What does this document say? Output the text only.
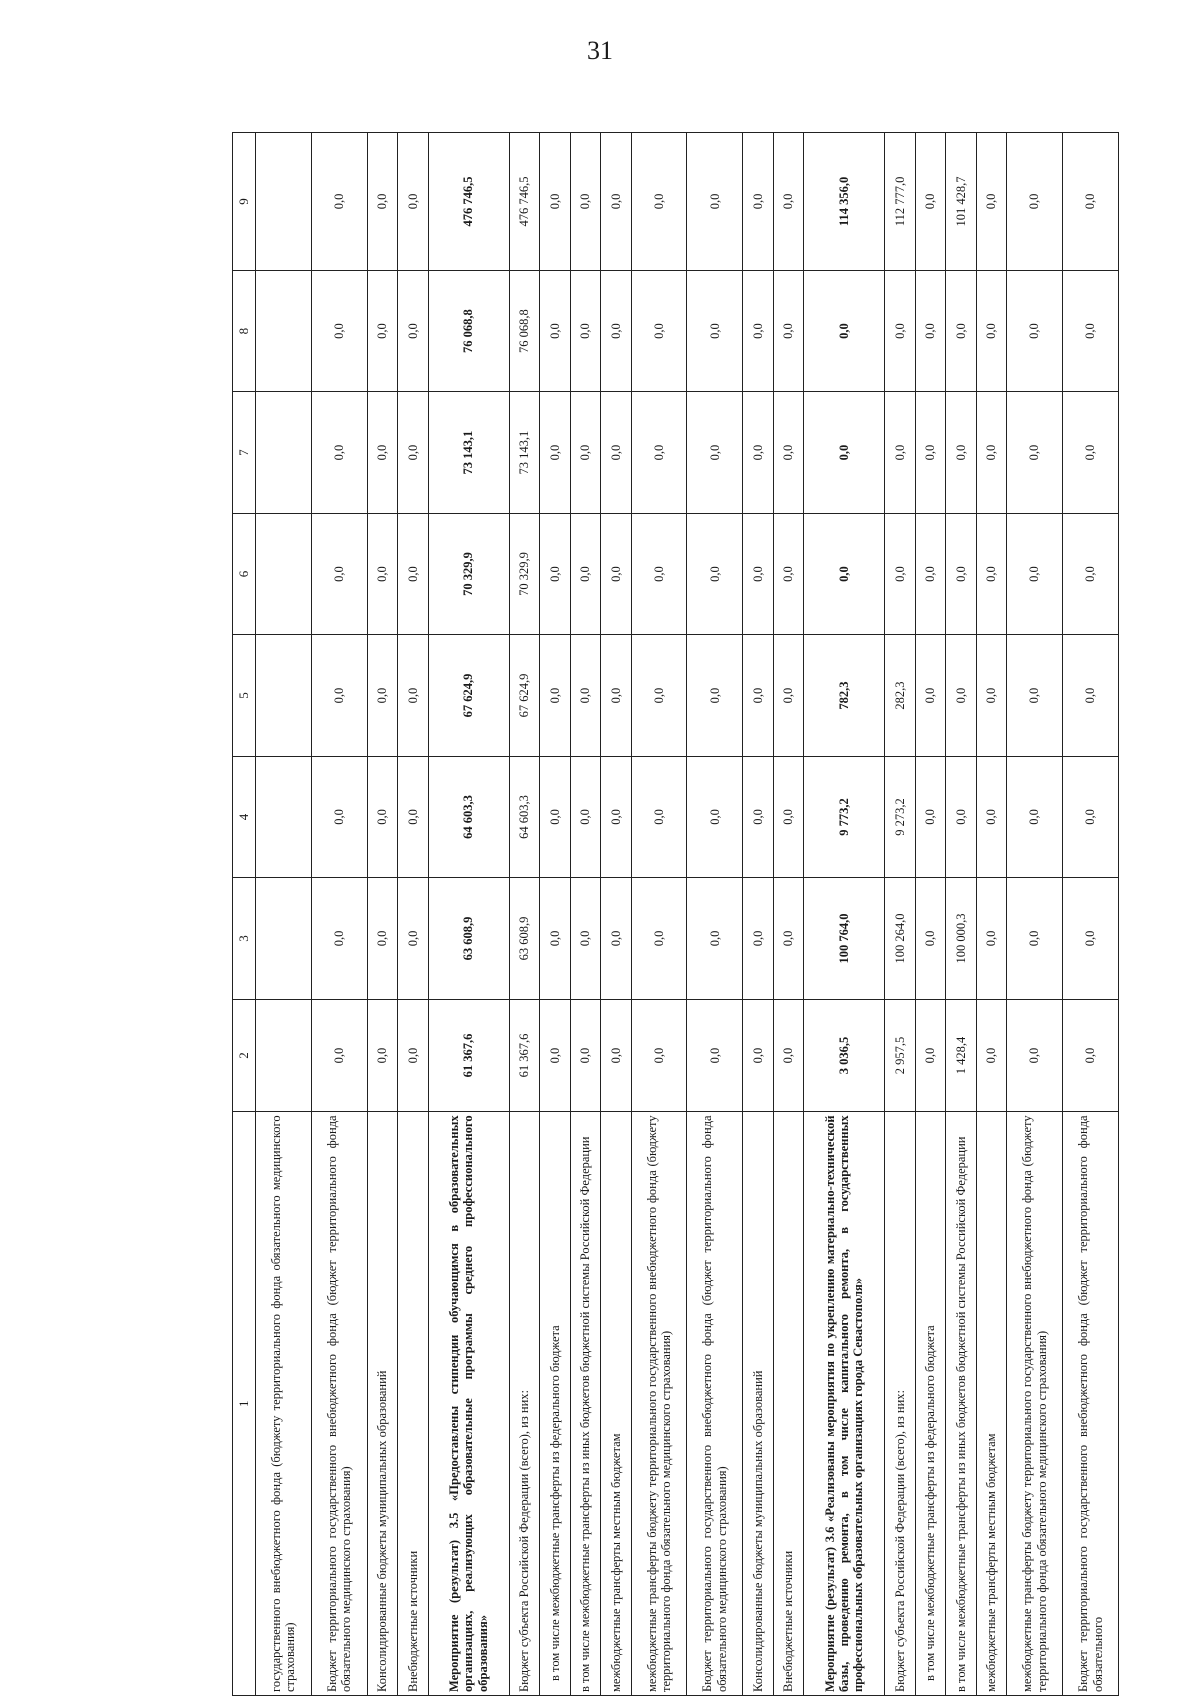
31
1	2	3	4	5	6	7	8	9
государственного внебюджетного фонда (бюджету территориального фонда обязательного медицинского страхования)								
Бюджет территориального государственного внебюджетного фонда (бюджет территориального фонда обязательного медицинского страхования)	0,0	0,0	0,0	0,0	0,0	0,0	0,0	0,0
Консолидированные бюджеты муниципальных образований	0,0	0,0	0,0	0,0	0,0	0,0	0,0	0,0
Внебюджетные источники	0,0	0,0	0,0	0,0	0,0	0,0	0,0	0,0
Мероприятие (результат) 3.5 «Предоставлены стипендии обучающимся в образовательных организациях, реализующих образовательные программы среднего профессионального образования»	61 367,6	63 608,9	64 603,3	67 624,9	70 329,9	73 143,1	76 068,8	476 746,5
Бюджет субъекта Российской Федерации (всего), из них:	61 367,6	63 608,9	64 603,3	67 624,9	70 329,9	73 143,1	76 068,8	476 746,5
в том числе межбюджетные трансферты из федерального бюджета	0,0	0,0	0,0	0,0	0,0	0,0	0,0	0,0
в том числе межбюджетные трансферты из иных бюджетов бюджетной системы Российской Федерации	0,0	0,0	0,0	0,0	0,0	0,0	0,0	0,0
межбюджетные трансферты местным бюджетам	0,0	0,0	0,0	0,0	0,0	0,0	0,0	0,0
межбюджетные трансферты бюджету территориального государственного внебюджетного фонда (бюджету территориального фонда обязательного медицинского страхования)	0,0	0,0	0,0	0,0	0,0	0,0	0,0	0,0
Бюджет территориального государственного внебюджетного фонда (бюджет территориального фонда обязательного медицинского страхования)	0,0	0,0	0,0	0,0	0,0	0,0	0,0	0,0
Консолидированные бюджеты муниципальных образований	0,0	0,0	0,0	0,0	0,0	0,0	0,0	0,0
Внебюджетные источники	0,0	0,0	0,0	0,0	0,0	0,0	0,0	0,0
Мероприятие (результат) 3.6 «Реализованы мероприятия по укреплению материально-технической базы, проведению ремонта, в том числе капитального ремонта, в государственных профессиональных образовательных организациях города Севастополя»	3 036,5	100 764,0	9 773,2	782,3	0,0	0,0	0,0	114 356,0
Бюджет субъекта Российской Федерации (всего), из них:	2 957,5	100 264,0	9 273,2	282,3	0,0	0,0	0,0	112 777,0
в том числе межбюджетные трансферты из федерального бюджета	0,0	0,0	0,0	0,0	0,0	0,0	0,0	0,0
в том числе межбюджетные трансферты из иных бюджетов бюджетной системы Российской Федерации	1 428,4	100 000,3	0,0	0,0	0,0	0,0	0,0	101 428,7
межбюджетные трансферты местным бюджетам	0,0	0,0	0,0	0,0	0,0	0,0	0,0	0,0
межбюджетные трансферты бюджету территориального государственного внебюджетного фонда (бюджету территориального фонда обязательного медицинского страхования)	0,0	0,0	0,0	0,0	0,0	0,0	0,0	0,0
Бюджет территориального государственного внебюджетного фонда (бюджет территориального фонда обязательного	0,0	0,0	0,0	0,0	0,0	0,0	0,0	0,0
